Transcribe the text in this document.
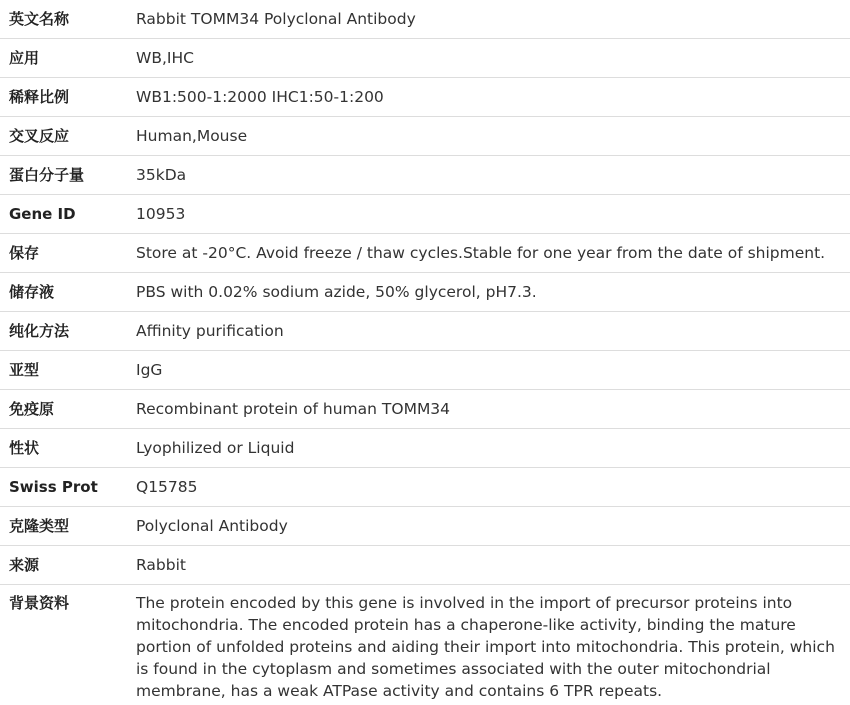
英文名称	Rabbit TOMM34 Polyclonal Antibody
应用	WB,IHC
稀释比例	WB1:500-1:2000 IHC1:50-1:200
交叉反应	Human,Mouse
蛋白分子量	35kDa
Gene ID	10953
保存	Store at -20°C. Avoid freeze / thaw cycles.Stable for one year from the date of shipment.
储存液	PBS with 0.02% sodium azide, 50% glycerol, pH7.3.
纯化方法	Affinity purification
亚型	IgG
免疫原	Recombinant protein of human TOMM34
性状	Lyophilized or Liquid
Swiss Prot	Q15785
克隆类型	Polyclonal Antibody
来源	Rabbit
背景资料	The protein encoded by this gene is involved in the import of precursor proteins into mitochondria. The encoded protein has a chaperone-like activity, binding the mature portion of unfolded proteins and aiding their import into mitochondria. This protein, which is found in the cytoplasm and sometimes associated with the outer mitochondrial membrane, has a weak ATPase activity and contains 6 TPR repeats.
